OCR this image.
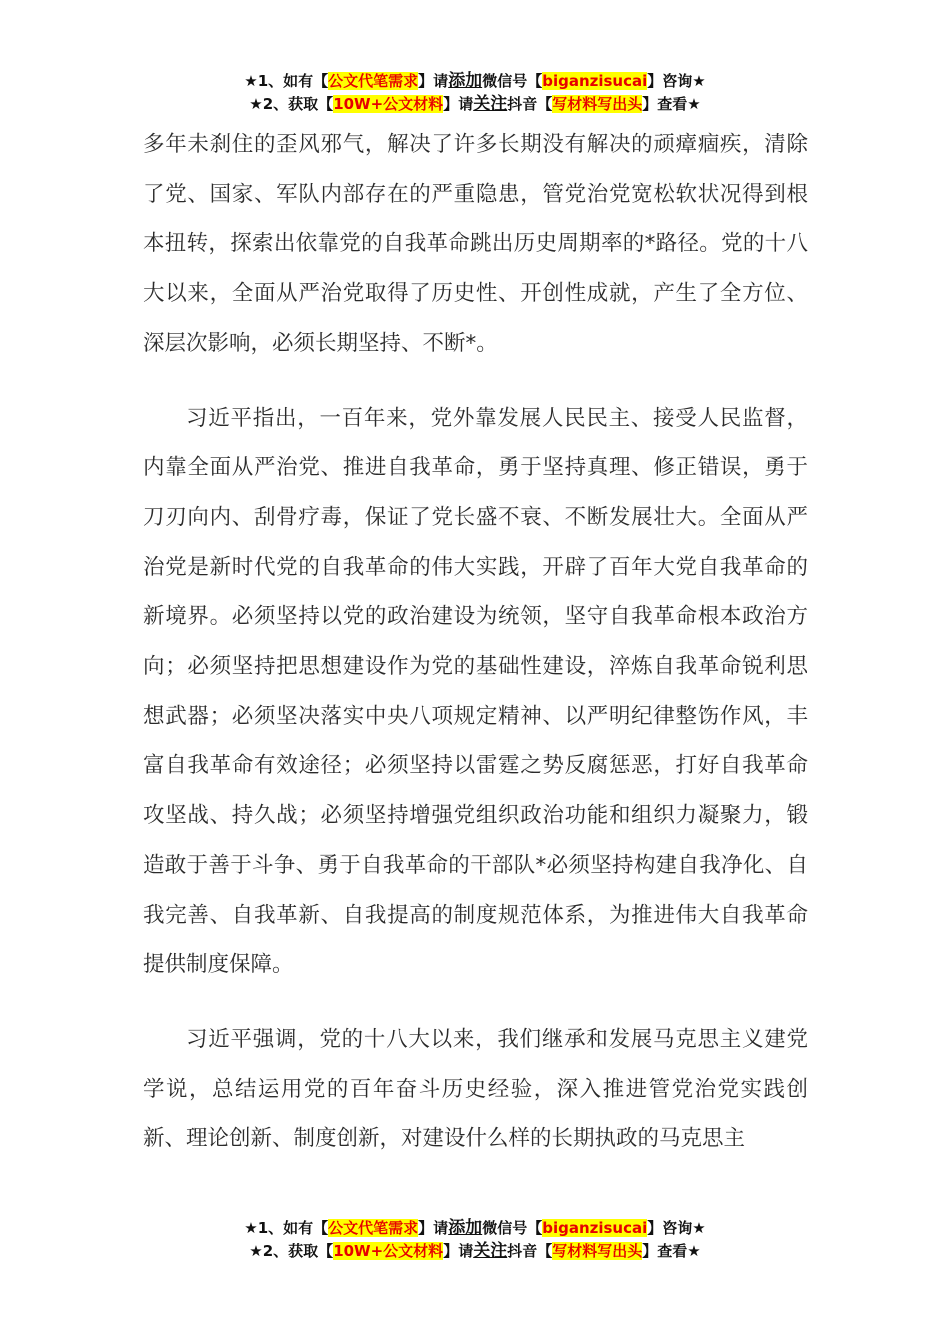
★1、如有【公文代笔需求】请添加微信号【biganzisucai】咨询★
★2、获取【10W+公文材料】请关注抖音【写材料写出头】查看★

多年未刹住的歪风邪气，解决了许多长期没有解决的顽瘴痼疾，清除了党、国家、军队内部存在的严重隐患，管党治党宽松软状况得到根本扭转，探索出依靠党的自我革命跳出历史周期率的*路径。党的十八大以来，全面从严治党取得了历史性、开创性成就，产生了全方位、深层次影响，必须长期坚持、不断*。

习近平指出，一百年来，党外靠发展人民民主、接受人民监督，内靠全面从严治党、推进自我革命，勇于坚持真理、修正错误，勇于刀刃向内、刮骨疗毒，保证了党长盛不衰、不断发展壮大。全面从严治党是新时代党的自我革命的伟大实践，开辟了百年大党自我革命的新境界。必须坚持以党的政治建设为统领，坚守自我革命根本政治方向；必须坚持把思想建设作为党的基础性建设，淬炼自我革命锐利思想武器；必须坚决落实中央八项规定精神、以严明纪律整饬作风，丰富自我革命有效途径；必须坚持以雷霆之势反腐惩恶，打好自我革命攻坚战、持久战；必须坚持增强党组织政治功能和组织力凝聚力，锻造敢于善于斗争、勇于自我革命的干部队*必须坚持构建自我净化、自我完善、自我革新、自我提高的制度规范体系，为推进伟大自我革命提供制度保障。

习近平强调，党的十八大以来，我们继承和发展马克思主义建党学说，总结运用党的百年奋斗历史经验，深入推进管党治党实践创新、理论创新、制度创新，对建设什么样的长期执政的马克思主

★1、如有【公文代笔需求】请添加微信号【biganzisucai】咨询★
★2、获取【10W+公文材料】请关注抖音【写材料写出头】查看★
